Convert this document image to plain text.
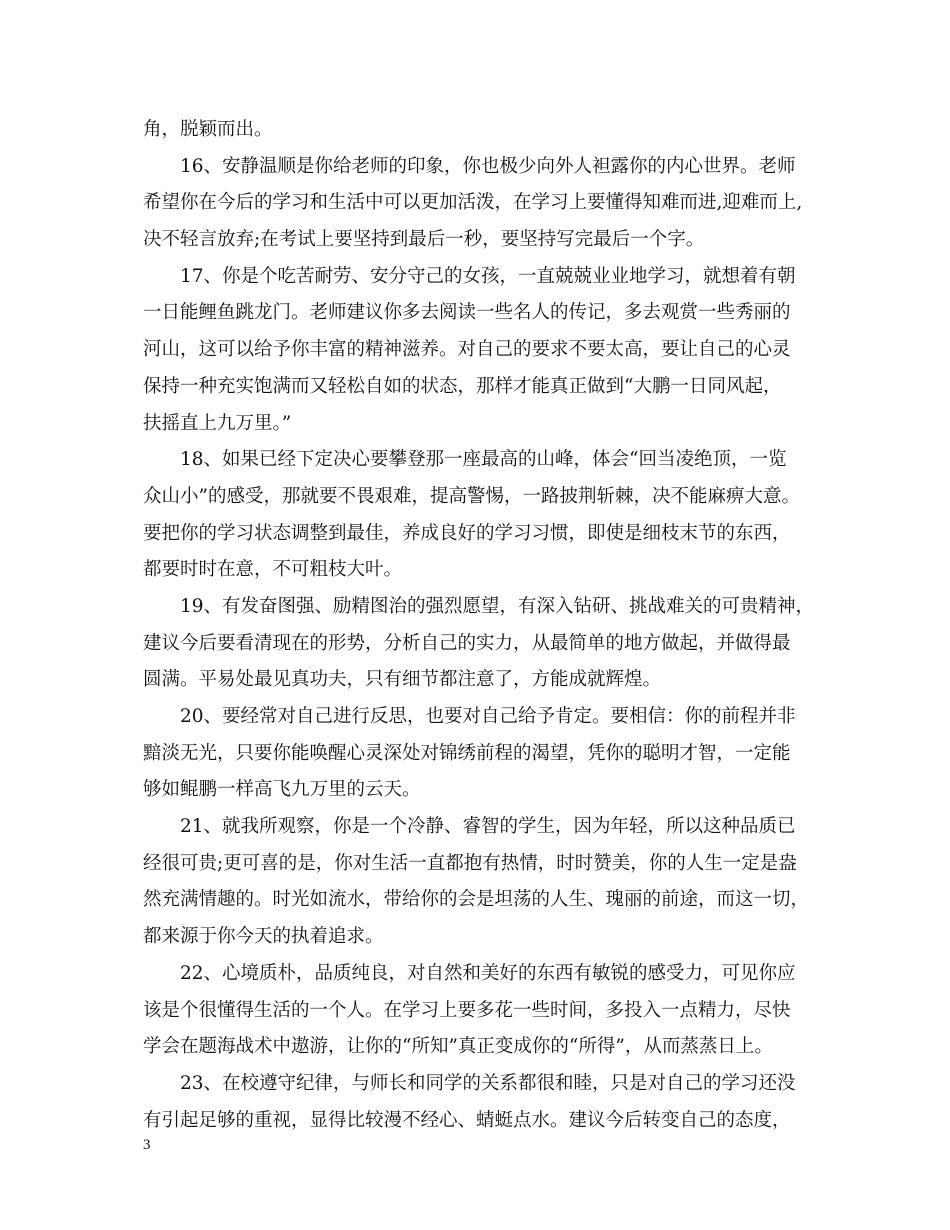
角，脱颖而出。
16、安静温顺是你给老师的印象，你也极少向外人袒露你的内心世界。老师
希望你在今后的学习和生活中可以更加活泼，在学习上要懂得知难而进,迎难而上,
决不轻言放弃;在考试上要坚持到最后一秒，要坚持写完最后一个字。
17、你是个吃苦耐劳、安分守己的女孩，一直兢兢业业地学习，就想着有朝
一日能鲤鱼跳龙门。老师建议你多去阅读一些名人的传记，多去观赏一些秀丽的
河山，这可以给予你丰富的精神滋养。对自己的要求不要太高，要让自己的心灵
保持一种充实饱满而又轻松自如的状态，那样才能真正做到“大鹏一日同风起，
扶摇直上九万里。”
18、如果已经下定决心要攀登那一座最高的山峰，体会“回当凌绝顶，一览
众山小”的感受，那就要不畏艰难，提高警惕，一路披荆斩棘，决不能麻痹大意。
要把你的学习状态调整到最佳，养成良好的学习习惯，即使是细枝末节的东西，
都要时时在意，不可粗枝大叶。
19、有发奋图强、励精图治的强烈愿望，有深入钻研、挑战难关的可贵精神，
建议今后要看清现在的形势，分析自己的实力，从最简单的地方做起，并做得最
圆满。平易处最见真功夫，只有细节都注意了，方能成就辉煌。
20、要经常对自己进行反思，也要对自己给予肯定。要相信：你的前程并非
黯淡无光，只要你能唤醒心灵深处对锦绣前程的渴望，凭你的聪明才智，一定能
够如鲲鹏一样高飞九万里的云天。
21、就我所观察，你是一个冷静、睿智的学生，因为年轻，所以这种品质已
经很可贵;更可喜的是，你对生活一直都抱有热情，时时赞美，你的人生一定是盎
然充满情趣的。时光如流水，带给你的会是坦荡的人生、瑰丽的前途，而这一切，
都来源于你今天的执着追求。
22、心境质朴，品质纯良，对自然和美好的东西有敏锐的感受力，可见你应
该是个很懂得生活的一个人。在学习上要多花一些时间，多投入一点精力，尽快
学会在题海战术中遨游，让你的“所知”真正变成你的“所得”，从而蒸蒸日上。
23、在校遵守纪律，与师长和同学的关系都很和睦，只是对自己的学习还没
有引起足够的重视，显得比较漫不经心、蜻蜓点水。建议今后转变自己的态度，
3
